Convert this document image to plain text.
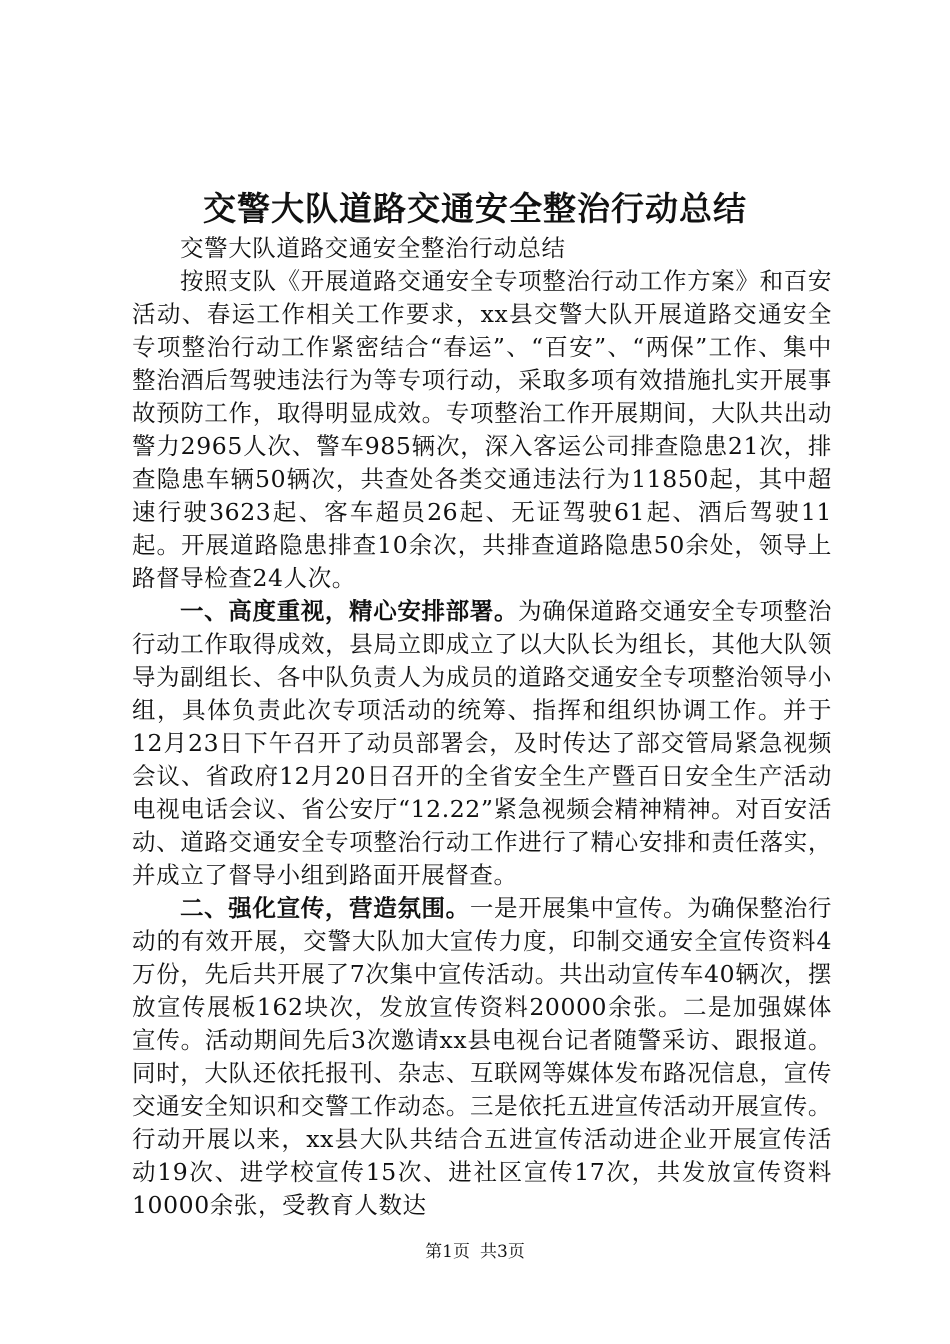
交警大队道路交通安全整治行动总结

交警大队道路交通安全整治行动总结

按照支队《开展道路交通安全专项整治行动工作方案》和百安活动、春运工作相关工作要求，xx县交警大队开展道路交通安全专项整治行动工作紧密结合“春运”、“百安”、“两保”工作、集中整治酒后驾驶违法行为等专项行动，采取多项有效措施扎实开展事故预防工作，取得明显成效。专项整治工作开展期间，大队共出动警力2965人次、警车985辆次，深入客运公司排查隐患21次，排查隐患车辆50辆次，共查处各类交通违法行为11850起，其中超速行驶3623起、客车超员26起、无证驾驶61起、酒后驾驶11起。开展道路隐患排查10余次，共排查道路隐患50余处，领导上路督导检查24人次。

一、高度重视，精心安排部署。为确保道路交通安全专项整治行动工作取得成效，县局立即成立了以大队长为组长，其他大队领导为副组长、各中队负责人为成员的道路交通安全专项整治领导小组，具体负责此次专项活动的统筹、指挥和组织协调工作。并于12月23日下午召开了动员部署会，及时传达了部交管局紧急视频会议、省政府12月20日召开的全省安全生产暨百日安全生产活动电视电话会议、省公安厅“12.22”紧急视频会精神精神。对百安活动、道路交通安全专项整治行动工作进行了精心安排和责任落实，并成立了督导小组到路面开展督查。

二、强化宣传，营造氛围。一是开展集中宣传。为确保整治行动的有效开展，交警大队加大宣传力度，印制交通安全宣传资料4万份，先后共开展了7次集中宣传活动。共出动宣传车40辆次，摆放宣传展板162块次，发放宣传资料20000余张。二是加强媒体宣传。活动期间先后3次邀请xx县电视台记者随警采访、跟报道。同时，大队还依托报刊、杂志、互联网等媒体发布路况信息，宣传交通安全知识和交警工作动态。三是依托五进宣传活动开展宣传。行动开展以来，xx县大队共结合五进宣传活动进企业开展宣传活动19次、进学校宣传15次、进社区宣传17次，共发放宣传资料10000余张，受教育人数达

第1页 共3页
